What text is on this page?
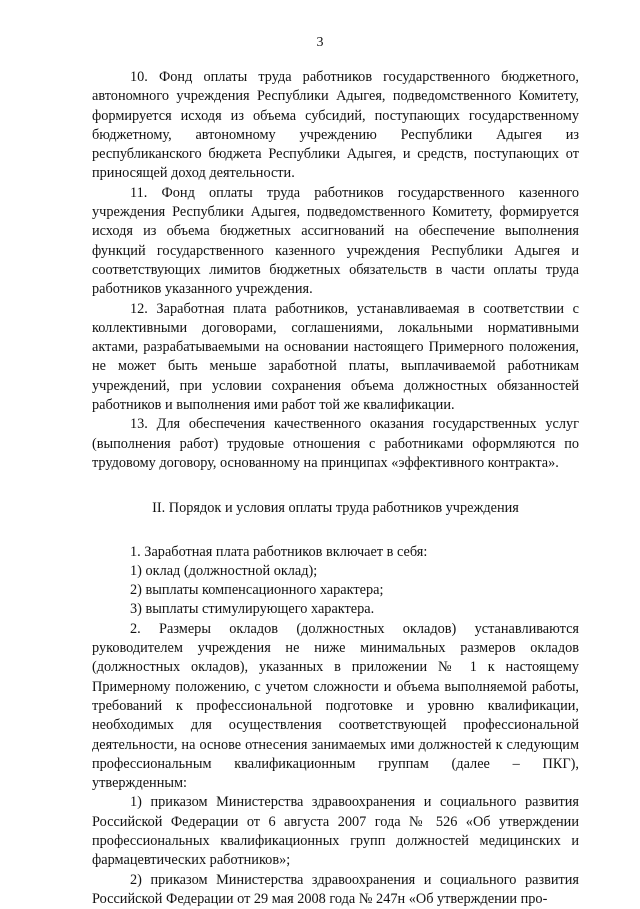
3

10. Фонд оплаты труда работников государственного бюджетного, автономного учреждения Республики Адыгея, подведомственного Комитету, формируется исходя из объема субсидий, поступающих государственному бюджетному, автономному учреждению Республики Адыгея из республиканского бюджета Республики Адыгея, и средств, поступающих от приносящей доход деятельности.

11. Фонд оплаты труда работников государственного казенного учреждения Республики Адыгея, подведомственного Комитету, формируется исходя из объема бюджетных ассигнований на обеспечение выполнения функций государственного казенного учреждения Республики Адыгея и соответствующих лимитов бюджетных обязательств в части оплаты труда работников указанного учреждения.

12. Заработная плата работников, устанавливаемая в соответствии с коллективными договорами, соглашениями, локальными нормативными актами, разрабатываемыми на основании настоящего Примерного положения, не может быть меньше заработной платы, выплачиваемой работникам учреждений, при условии сохранения объема должностных обязанностей работников и выполнения ими работ той же квалификации.

13. Для обеспечения качественного оказания государственных услуг (выполнения работ) трудовые отношения с работниками оформляются по трудовому договору, основанному на принципах «эффективного контракта».

II. Порядок и условия оплаты труда работников учреждения

1. Заработная плата работников включает в себя:

1) оклад (должностной оклад);

2) выплаты компенсационного характера;

3) выплаты стимулирующего характера.

2. Размеры окладов (должностных окладов) устанавливаются руководителем учреждения не ниже минимальных размеров окладов (должностных окладов), указанных в приложении № 1 к настоящему Примерному положению, с учетом сложности и объема выполняемой работы, требований к профессиональной подготовке и уровню квалификации, необходимых для осуществления соответствующей профессиональной деятельности, на основе отнесения занимаемых ими должностей к следующим профессиональным квалификационным группам (далее – ПКГ), утвержденным:

1) приказом Министерства здравоохранения и социального развития Российской Федерации от 6 августа 2007 года № 526 «Об утверждении профессиональных квалификационных групп должностей медицинских и фармацевтических работников»;

2) приказом Министерства здравоохранения и социального развития Российской Федерации от 29 мая 2008 года № 247н «Об утверждении про-
